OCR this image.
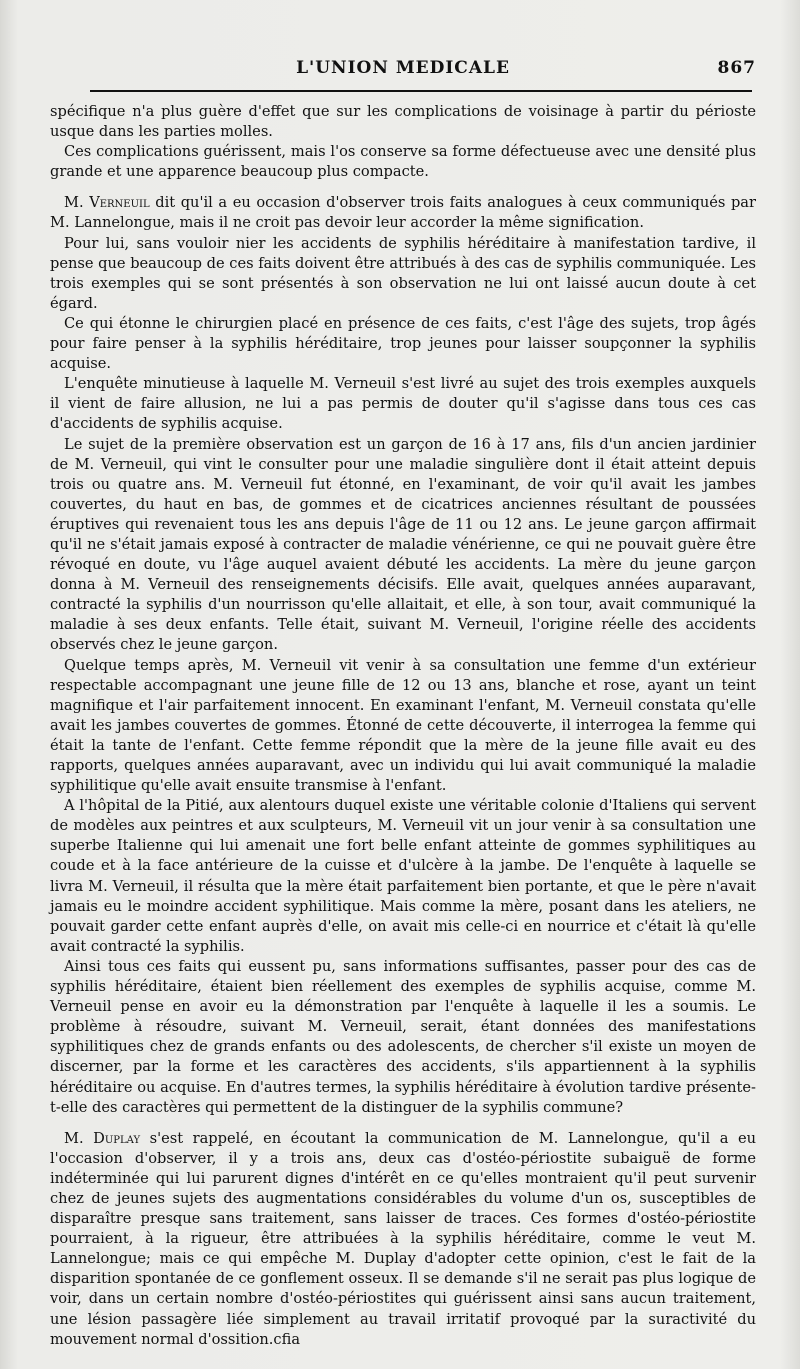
L'UNION MEDICALE	867

spécifique n'a plus guère d'effet que sur les complications de voisinage à partir du périoste usque dans les parties molles.

Ces complications guérissent, mais l'os conserve sa forme défectueuse avec une densité plus grande et une apparence beaucoup plus compacte.

M. Verneuil dit qu'il a eu occasion d'observer trois faits analogues à ceux communiqués par M. Lannelongue, mais il ne croit pas devoir leur accorder la même signification.

Pour lui, sans vouloir nier les accidents de syphilis héréditaire à manifestation tardive, il pense que beaucoup de ces faits doivent être attribués à des cas de syphilis communiquée. Les trois exemples qui se sont présentés à son observation ne lui ont laissé aucun doute à cet égard.

Ce qui étonne le chirurgien placé en présence de ces faits, c'est l'âge des sujets, trop âgés pour faire penser à la syphilis héréditaire, trop jeunes pour laisser soupçonner la syphilis acquise.

L'enquête minutieuse à laquelle M. Verneuil s'est livré au sujet des trois exemples auxquels il vient de faire allusion, ne lui a pas permis de douter qu'il s'agisse dans tous ces cas d'accidents de syphilis acquise.

Le sujet de la première observation est un garçon de 16 à 17 ans, fils d'un ancien jardinier de M. Verneuil, qui vint le consulter pour une maladie singulière dont il était atteint depuis trois ou quatre ans. M. Verneuil fut étonné, en l'examinant, de voir qu'il avait les jambes couvertes, du haut en bas, de gommes et de cicatrices anciennes résultant de poussées éruptives qui revenaient tous les ans depuis l'âge de 11 ou 12 ans. Le jeune garçon affirmait qu'il ne s'était jamais exposé à contracter de maladie vénérienne, ce qui ne pouvait guère être révoqué en doute, vu l'âge auquel avaient débuté les accidents. La mère du jeune garçon donna à M. Verneuil des renseignements décisifs. Elle avait, quelques années auparavant, contracté la syphilis d'un nourrisson qu'elle allaitait, et elle, à son tour, avait communiqué la maladie à ses deux enfants. Telle était, suivant M. Verneuil, l'origine réelle des accidents observés chez le jeune garçon.

Quelque temps après, M. Verneuil vit venir à sa consultation une femme d'un extérieur respectable accompagnant une jeune fille de 12 ou 13 ans, blanche et rose, ayant un teint magnifique et l'air parfaitement innocent. En examinant l'enfant, M. Verneuil constata qu'elle avait les jambes couvertes de gommes. Étonné de cette découverte, il interrogea la femme qui était la tante de l'enfant. Cette femme répondit que la mère de la jeune fille avait eu des rapports, quelques années auparavant, avec un individu qui lui avait communiqué la maladie syphilitique qu'elle avait ensuite transmise à l'enfant.

A l'hôpital de la Pitié, aux alentours duquel existe une véritable colonie d'Italiens qui servent de modèles aux peintres et aux sculpteurs, M. Verneuil vit un jour venir à sa consultation une superbe Italienne qui lui amenait une fort belle enfant atteinte de gommes syphilitiques au coude et à la face antérieure de la cuisse et d'ulcère à la jambe. De l'enquête à laquelle se livra M. Verneuil, il résulta que la mère était parfaitement bien portante, et que le père n'avait jamais eu le moindre accident syphilitique. Mais comme la mère, posant dans les ateliers, ne pouvait garder cette enfant auprès d'elle, on avait mis celle-ci en nourrice et c'était là qu'elle avait contracté la syphilis.

Ainsi tous ces faits qui eussent pu, sans informations suffisantes, passer pour des cas de syphilis héréditaire, étaient bien réellement des exemples de syphilis acquise, comme M. Verneuil pense en avoir eu la démonstration par l'enquête à laquelle il les a soumis. Le problème à résoudre, suivant M. Verneuil, serait, étant données des manifestations syphilitiques chez de grands enfants ou des adolescents, de chercher s'il existe un moyen de discerner, par la forme et les caractères des accidents, s'ils appartiennent à la syphilis héréditaire ou acquise. En d'autres termes, la syphilis héréditaire à évolution tardive présente-t-elle des caractères qui permettent de la distinguer de la syphilis commune?

M. Duplay s'est rappelé, en écoutant la communication de M. Lannelongue, qu'il a eu l'occasion d'observer, il y a trois ans, deux cas d'ostéo-périostite subaiguë de forme indéterminée qui lui parurent dignes d'intérêt en ce qu'elles montraient qu'il peut survenir chez de jeunes sujets des augmentations considérables du volume d'un os, susceptibles de disparaître presque sans traitement, sans laisser de traces. Ces formes d'ostéo-périostite pourraient, à la rigueur, être attribuées à la syphilis héréditaire, comme le veut M. Lannelongue; mais ce qui empêche M. Duplay d'adopter cette opinion, c'est le fait de la disparition spontanée de ce gonflement osseux. Il se demande s'il ne serait pas plus logique de voir, dans un certain nombre d'ostéo-périostites qui guérissent ainsi sans aucun traitement, une lésion passagère liée simplement au travail irritatif provoqué par la suractivité du mouvement normal d'ossition.cfia
